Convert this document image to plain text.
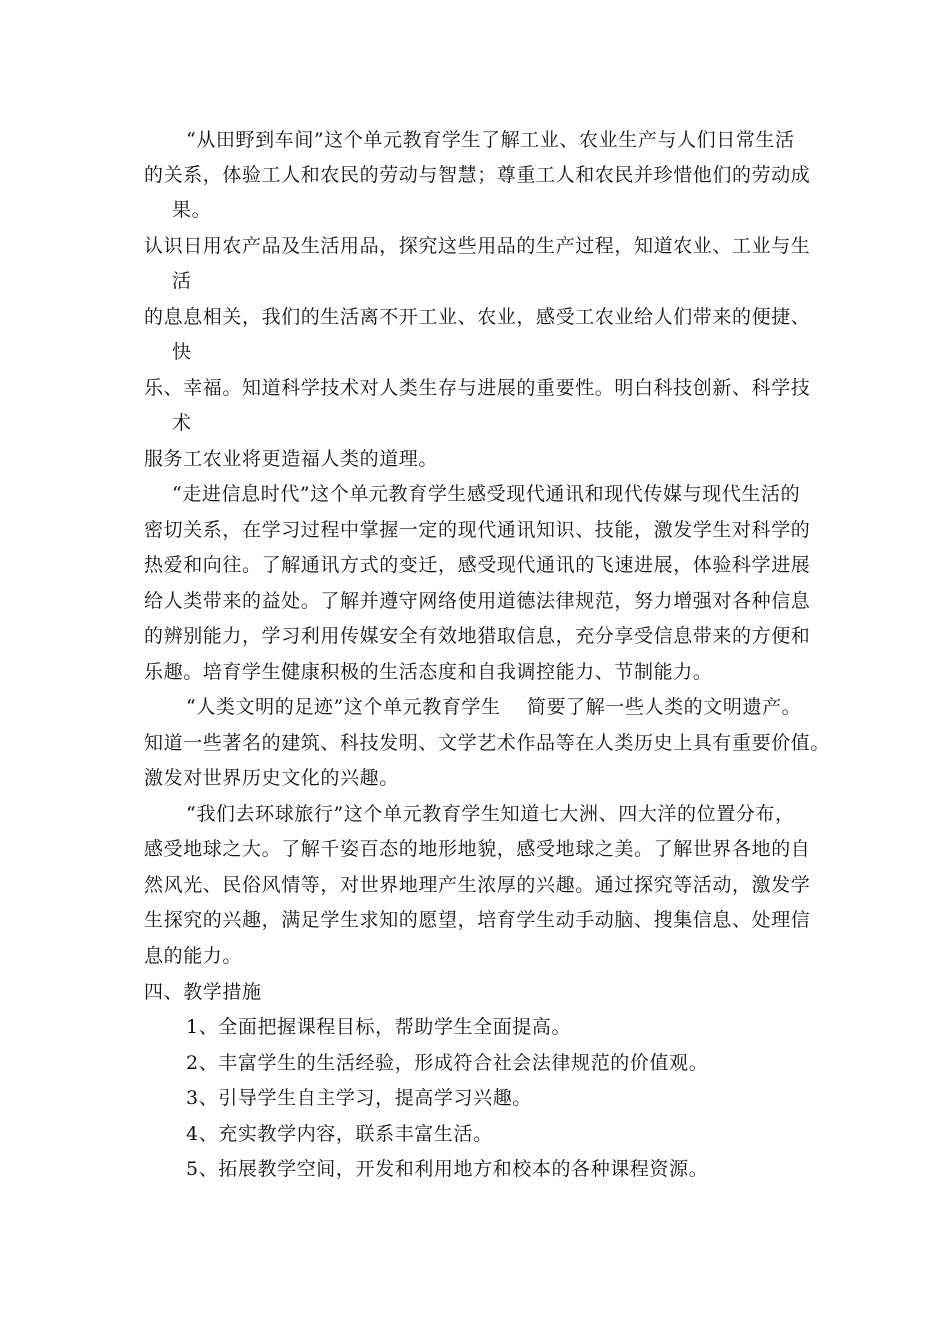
“从田野到车间”这个单元教育学生了解工业、农业生产与人们日常生活
的关系，体验工人和农民的劳动与智慧；尊重工人和农民并珍惜他们的劳动成
果。
认识日用农产品及生活用品，探究这些用品的生产过程，知道农业、工业与生
活
的息息相关，我们的生活离不开工业、农业，感受工农业给人们带来的便捷、
快
乐、幸福。知道科学技术对人类生存与进展的重要性。明白科技创新、科学技
术
服务工农业将更造福人类的道理。
“走进信息时代”这个单元教育学生感受现代通讯和现代传媒与现代生活的
密切关系，在学习过程中掌握一定的现代通讯知识、技能，激发学生对科学的
热爱和向往。了解通讯方式的变迁，感受现代通讯的飞速进展，体验科学进展
给人类带来的益处。了解并遵守网络使用道德法律规范，努力增强对各种信息
的辨别能力，学习利用传媒安全有效地猎取信息，充分享受信息带来的方便和
乐趣。培育学生健康积极的生活态度和自我调控能力、节制能力。
“人类文明的足迹”这个单元教育学生　 简要了解一些人类的文明遗产。
知道一些著名的建筑、科技发明、文学艺术作品等在人类历史上具有重要价值。
激发对世界历史文化的兴趣。
“我们去环球旅行”这个单元教育学生知道七大洲、四大洋的位置分布，
感受地球之大。了解千姿百态的地形地貌，感受地球之美。了解世界各地的自
然风光、民俗风情等，对世界地理产生浓厚的兴趣。通过探究等活动，激发学
生探究的兴趣，满足学生求知的愿望，培育学生动手动脑、搜集信息、处理信
息的能力。
四、教学措施
1、全面把握课程目标，帮助学生全面提高。
2、丰富学生的生活经验，形成符合社会法律规范的价值观。
3、引导学生自主学习，提高学习兴趣。
4、充实教学内容，联系丰富生活。
5、拓展教学空间，开发和利用地方和校本的各种课程资源。
